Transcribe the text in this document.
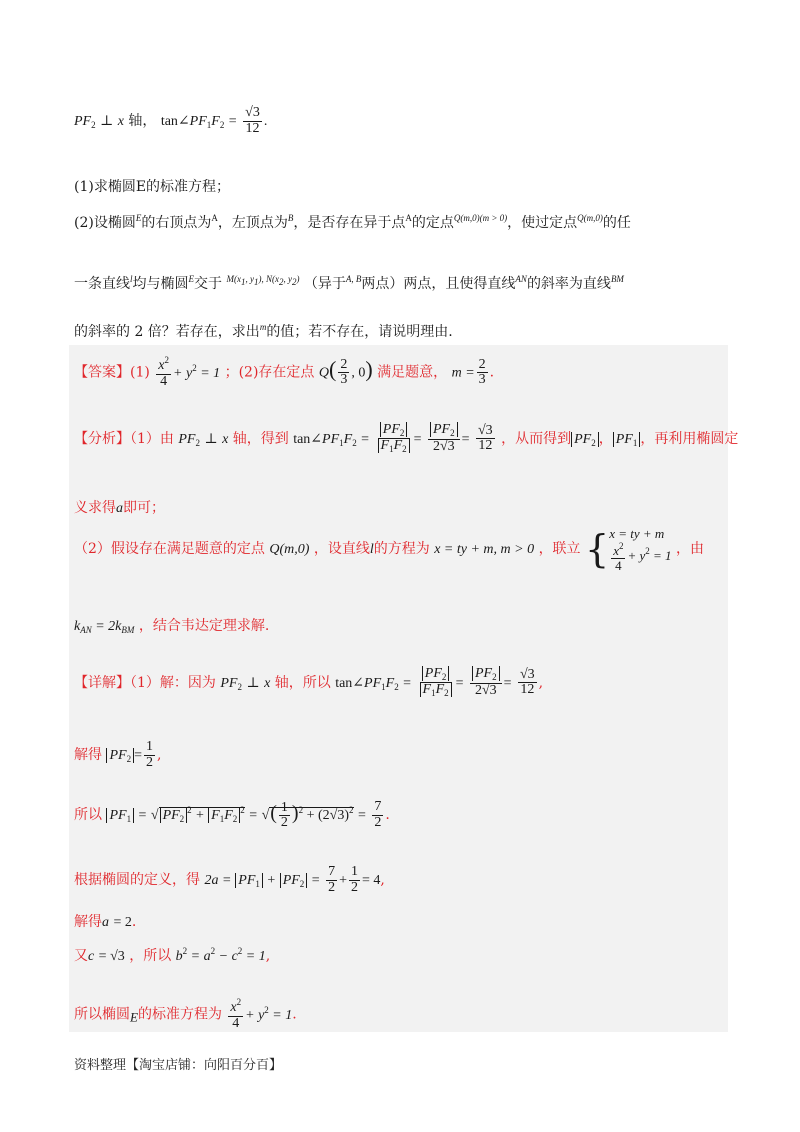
$PF_2$ ⊥ x 轴， $\tan\angle PF_1F_2 = \frac{√3}{12}$ .
(1)求椭圆E的标准方程；
(2)设椭圆$^E$的右顶点为$^A$，左顶点为$^B$，是否存在异于点$^A$的定点$^{Q(m,0)(m > 0)}$，使过定点$^{Q(m,0)}$的任
一条直线$^l$均与椭圆$^E$交于 $^{M(x_1, y_1), N(x_2, y_2)}$ （异于$^{A, B}$两点）两点，且使得直线$^{AN}$的斜率为直线$^{BM}$
的斜率的 2 倍？若存在，求出$^m$的值；若不存在，请说明理由.
【答案】$(1) \frac{x^2}{4} + y^2 = 1$ ；(2)存在定点 $Q( \frac{2}{3}$ , 0) 满足题意， $m = \frac{2}{3}$ .
【分析】（1）由 $PF_2$ ⊥ x 轴，得到 $\tan\angle PF_1F_2 = \frac{PF_2}{F_1F_2} = \frac{PF_2}{2√3} = \frac{√3}{12}$ ，从而得到 $PF_2$ ， $PF_1$ ，再利用椭圆定
义求得a即可；
（2）假设存在满足题意的定点 Q(m,0) ，设直线l的方程为 x = ty + m, m > 0 ，联立 { x = ty + m
$\frac{x^2}{4} + y^2 = 1$ ，由
$k_{AN} = 2k_{BM}$ ，结合韦达定理求解.
【详解】（1）解：因为 $PF_2$ ⊥ x 轴，所以 $\tan\angle PF_1F_2 = \frac{PF_2}{F_1F_2} = \frac{PF_2}{2√3} = \frac{√3}{12}$ ,
解得 $PF_2 = \frac{1}{2}$ ,
所以 $PF_1$ = √ $PF_2^2 + F_1F_2^2$ = √( $\frac{1}{2} )^2 + (2√3)^2 = \frac{7}{2}$ .
根据椭圆的定义，得 $2a = PF_1 + PF_2 = \frac{7}{2} + \frac{1}{2} = 4$,
解得a = 2.
又c = √3 ，所以 $b^2 = a^2 - c^2 = 1$,
所以椭圆$_E$的标准方程为 $\frac{x^2}{4} + y^2 = 1$.
资料整理【淘宝店铺：向阳百分百】
